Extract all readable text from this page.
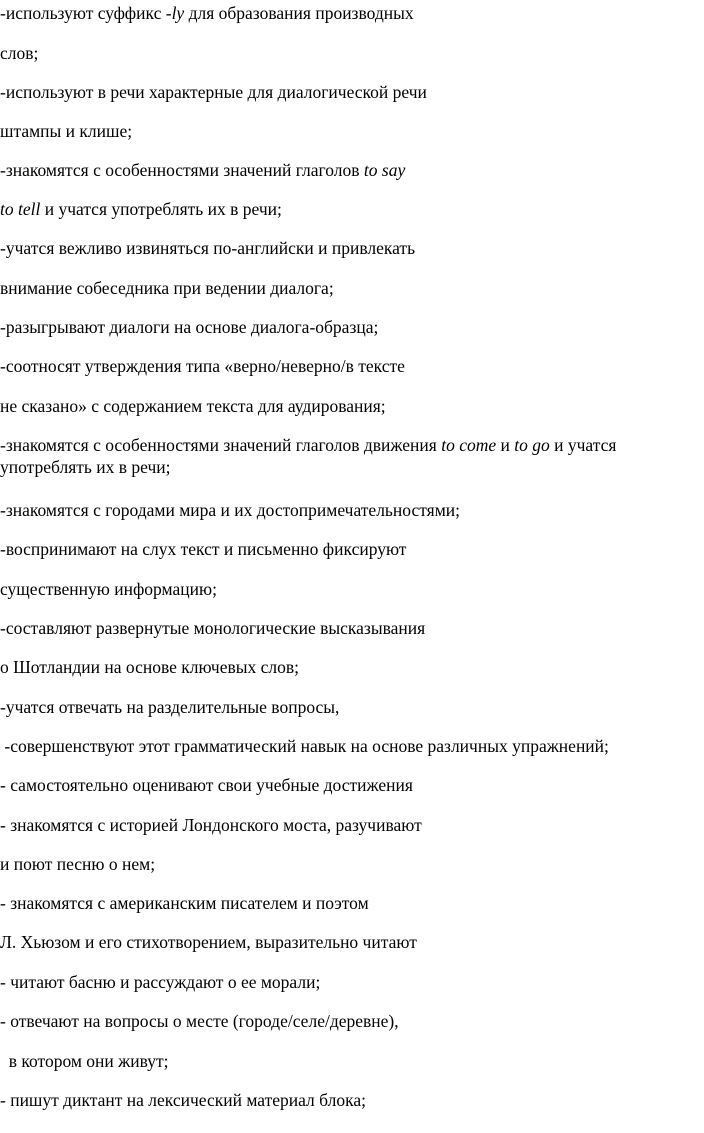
-используют суффикс -ly для образования производных
слов;
-используют в речи характерные для диалогической речи
штампы и клише;
-знакомятся с особенностями значений глаголов to say
to tell и учатся употреблять их в речи;
-учатся вежливо извиняться по-английски и привлекать
внимание собеседника при ведении диалога;
-разыгрывают диалоги на основе диалога-образца;
-соотносят утверждения типа «верно/неверно/в тексте
не сказано» с содержанием текста для аудирования;
-знакомятся с особенностями значений глаголов движения to come и to go и учатся употреблять их в речи;
-знакомятся с городами мира и их достопримечательностями;
-воспринимают на слух текст и письменно фиксируют
существенную информацию;
-составляют развернутые монологические высказывания
о Шотландии на основе ключевых слов;
-учатся отвечать на разделительные вопросы,
-совершенствуют этот грамматический навык на основе различных упражнений;
- самостоятельно оценивают свои учебные достижения
- знакомятся с историей Лондонского моста, разучивают
и поют песню о нем;
- знакомятся с американским писателем и поэтом
Л. Хьюзом и его стихотворением, выразительно читают
- читают басню и рассуждают о ее морали;
- отвечают на вопросы о месте (городе/селе/деревне),
в котором они живут;
- пишут диктант на лексический материал блока;
